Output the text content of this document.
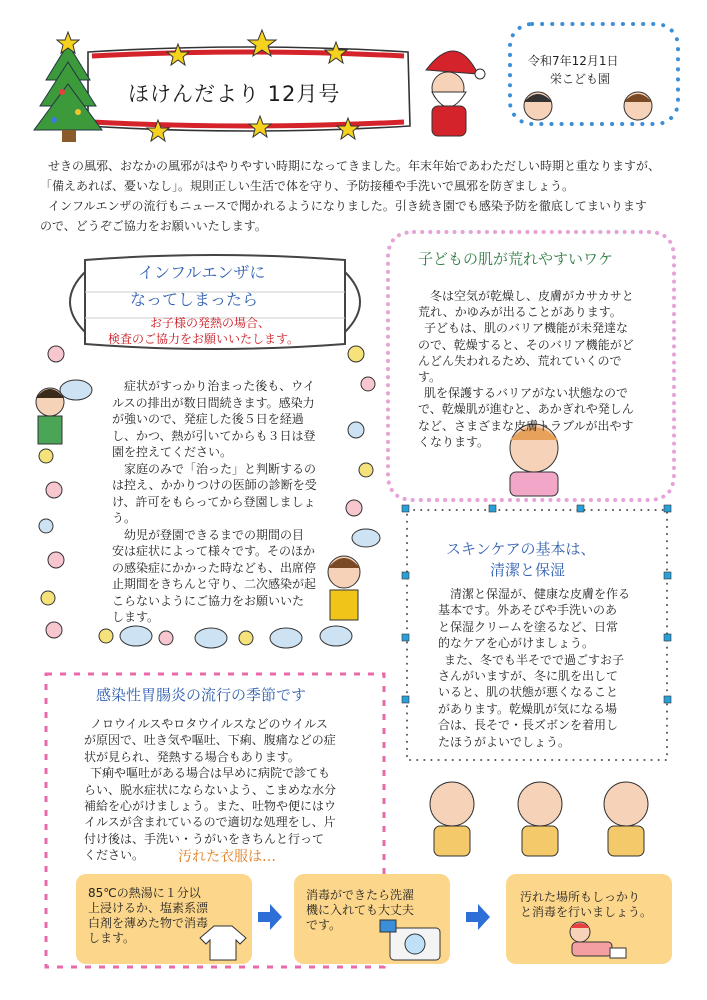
ほけんだより 12月号
令和7年12月1日
栄こども園

せきの風邪、おなかの風邪がはやりやすい時期になってきました。年末年始であわただしい時期と重なりますが、

「備えあれば、憂いなし」。規則正しい生活で体を守り、予防接種や手洗いで風邪を防ぎましょう。

インフルエンザの流行もニュースで聞かれるようになりました。引き続き園でも感染予防を徹底してまいります

ので、どうぞご協力をお願いいたします。

インフルエンザに
なってしまったら
お子様の発熱の場合、
検査のご協力をお願いいたします。

症状がすっかり治まった後も、ウイ

ルスの排出が数日間続きます。感染力

が強いので、発症した後５日を経過

し、かつ、熱が引いてからも３日は登

園を控えてください。

家庭のみで「治った」と判断するの

は控え、かかりつけの医師の診断を受

け、許可をもらってから登園しましょ

う。

幼児が登園できるまでの期間の目

安は症状によって様々です。そのほか

の感染症にかかった時なども、出席停

止期間をきちんと守り、二次感染が起

こらないようにご協力をお願いいた

します。

子どもの肌が荒れやすいワケ

冬は空気が乾燥し、皮膚がカサカサと

荒れ、かゆみが出ることがあります。

子どもは、肌のバリア機能が未発達な

ので、乾燥すると、そのバリア機能がど

んどん失われるため、荒れていくので

す。

肌を保護するバリアがない状態なので

で、乾燥肌が進むと、あかぎれや発しん

など、さまざまな皮膚トラブルが出やす

くなります。

スキンケアの基本は、
清潔と保湿

清潔と保湿が、健康な皮膚を作る

基本です。外あそびや手洗いのあ

と保湿クリームを塗るなど、日常

的なケアを心がけましょう。

また、冬でも半そでで過ごすお子

さんがいますが、冬に肌を出して

いると、肌の状態が悪くなること

があります。乾燥肌が気になる場

合は、長そで・長ズボンを着用し

たほうがよいでしょう。

感染性胃腸炎の流行の季節です

ノロウイルスやロタウイルスなどのウイルス

が原因で、吐き気や嘔吐、下痢、腹痛などの症

状が見られ、発熱する場合もあります。

下痢や嘔吐がある場合は早めに病院で診ても

らい、脱水症状にならないよう、こまめな水分

補給を心がけましょう。また、吐物や便にはウ

イルスが含まれているので適切な処理をし、片

付け後は、手洗い・うがいをきちんと行って

ください。	汚れた衣服は…

85℃の熱湯に１分以

上浸けるか、塩素系漂

白剤を薄めた物で消毒

します。

消毒ができたら洗濯

機に入れても大丈夫

です。

汚れた場所もしっかり

と消毒を行いましょう。
